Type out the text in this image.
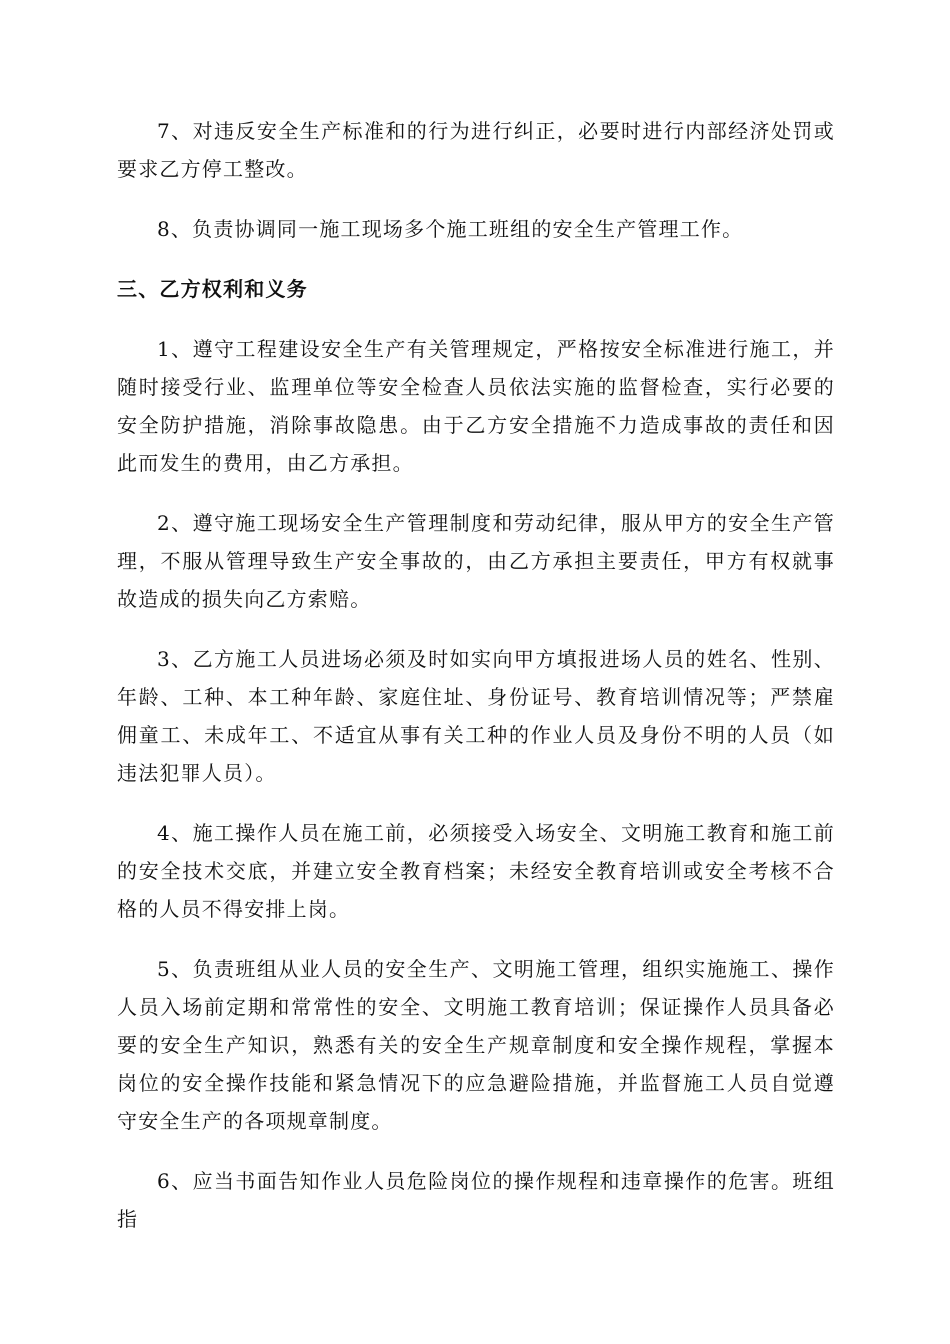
7、对违反安全生产标准和的行为进行纠正，必要时进行内部经济处罚或要求乙方停工整改。

8、负责协调同一施工现场多个施工班组的安全生产管理工作。

三、乙方权利和义务

1、遵守工程建设安全生产有关管理规定，严格按安全标准进行施工，并随时接受行业、监理单位等安全检查人员依法实施的监督检查，实行必要的安全防护措施，消除事故隐患。由于乙方安全措施不力造成事故的责任和因此而发生的费用，由乙方承担。

2、遵守施工现场安全生产管理制度和劳动纪律，服从甲方的安全生产管理，不服从管理导致生产安全事故的，由乙方承担主要责任，甲方有权就事故造成的损失向乙方索赔。

3、乙方施工人员进场必须及时如实向甲方填报进场人员的姓名、性别、年龄、工种、本工种年龄、家庭住址、身份证号、教育培训情况等；严禁雇佣童工、未成年工、不适宜从事有关工种的作业人员及身份不明的人员（如违法犯罪人员）。

4、施工操作人员在施工前，必须接受入场安全、文明施工教育和施工前的安全技术交底，并建立安全教育档案；未经安全教育培训或安全考核不合格的人员不得安排上岗。

5、负责班组从业人员的安全生产、文明施工管理，组织实施施工、操作人员入场前定期和常常性的安全、文明施工教育培训；保证操作人员具备必要的安全生产知识，熟悉有关的安全生产规章制度和安全操作规程，掌握本岗位的安全操作技能和紧急情况下的应急避险措施，并监督施工人员自觉遵守安全生产的各项规章制度。

6、应当书面告知作业人员危险岗位的操作规程和违章操作的危害。班组指
